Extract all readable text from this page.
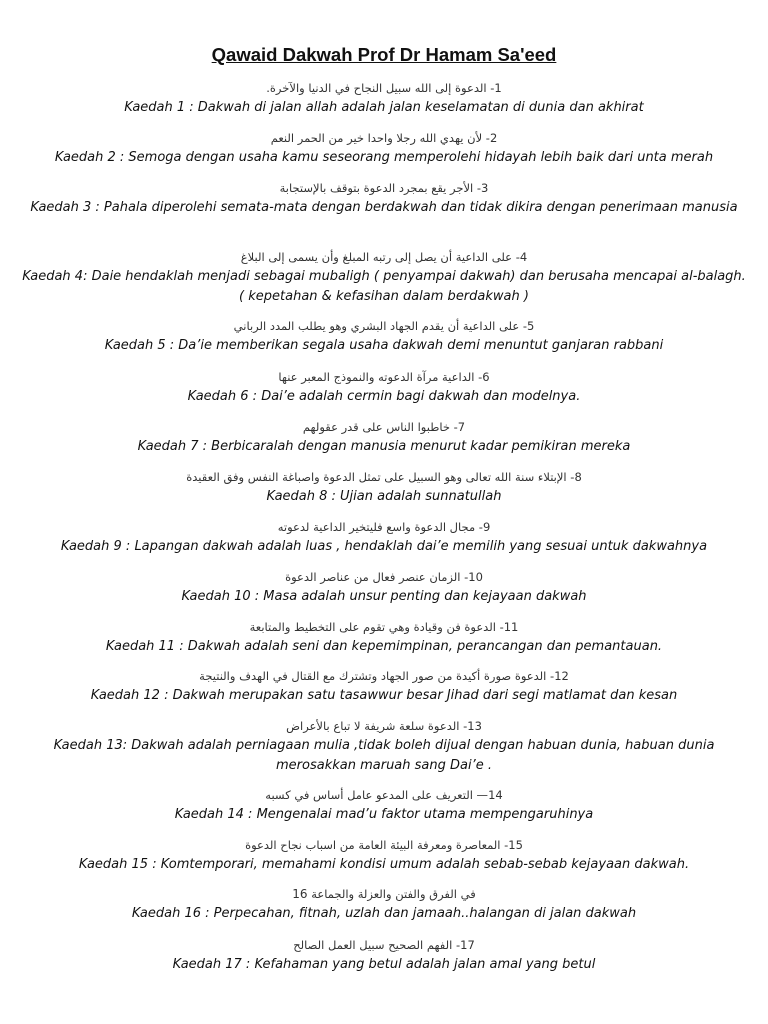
Qawaid Dakwah Prof Dr Hamam Sa'eed
1- الدعوة إلى الله سبيل النجاح في الدنيا والآخرة.
Kaedah 1 : Dakwah di jalan allah adalah jalan keselamatan di dunia dan akhirat
2- لأن يهدي الله رجلا واحدا خير من الحمر النعم
Kaedah 2 : Semoga dengan usaha kamu seseorang memperolehi hidayah lebih baik dari unta merah
3- الأجر يقع بمجرد الدعوة بتوقف بالإستجابة
Kaedah 3 : Pahala diperolehi semata-mata dengan berdakwah dan tidak dikira dengan penerimaan manusia
4- على الداعية أن يصل إلى رتبه المبلغ وأن يسمى إلى البلاغ
Kaedah 4: Daie hendaklah menjadi sebagai mubaligh ( penyampai dakwah) dan berusaha mencapai al-balagh. ( kepetahan & kefasihan dalam berdakwah )
5- على الداعية أن يقدم الجهاد البشري وهو يطلب المدد الرباني
Kaedah 5 : Da’ie memberikan segala usaha dakwah demi menuntut ganjaran rabbani
6- الداعية مرآة الدعوته والنموذج المعبر عنها
Kaedah 6 : Dai’e adalah cermin bagi dakwah dan modelnya.
7- خاطبوا الناس على قدر عقولهم
Kaedah 7 : Berbicaralah dengan manusia menurut kadar pemikiran mereka
8- الإبتلاء سنة الله تعالى وهو السبيل على تمثل الدعوة واصباغة النفس وفق العقيدة
Kaedah 8 : Ujian adalah sunnatullah
9- مجال الدعوة واسع فليتخير الداعية لدعوته
Kaedah 9 : Lapangan dakwah adalah luas , hendaklah dai’e memilih yang sesuai untuk dakwahnya
10- الزمان عنصر فعال من عناصر الدعوة
Kaedah 10 : Masa adalah unsur penting dan kejayaan dakwah
11- الدعوة فن وقيادة وهي تقوم على التخطيط والمتابعة
Kaedah 11 : Dakwah adalah seni dan kepemimpinan, perancangan dan pemantauan.
12- الدعوة صورة أكيدة من صور الجهاد وتشترك مع القتال في الهدف والنتيجة
Kaedah 12 : Dakwah merupakan satu tasawwur besar Jihad dari segi matlamat dan kesan
13- الدعوة سلعة شريفة لا تباع بالأعراض
Kaedah 13: Dakwah adalah perniagaan mulia ,tidak boleh dijual dengan habuan dunia, habuan dunia merosakkan maruah sang Dai’e .
14— التعريف على المدعو عامل أساس في كسبه
Kaedah 14 : Mengenalai mad’u faktor utama mempengaruhinya
15- المعاصرة ومعرفة البيئة العامة من اسباب نجاح الدعوة
Kaedah 15 : Komtemporari, memahami kondisi umum adalah sebab-sebab kejayaan dakwah.
في الفرق والفتن والعزلة والجماعة 16
Kaedah 16 : Perpecahan, fitnah, uzlah dan jamaah..halangan di jalan dakwah
17- الفهم الصحيح سبيل العمل الصالح
Kaedah 17 : Kefahaman yang betul adalah jalan amal yang betul
